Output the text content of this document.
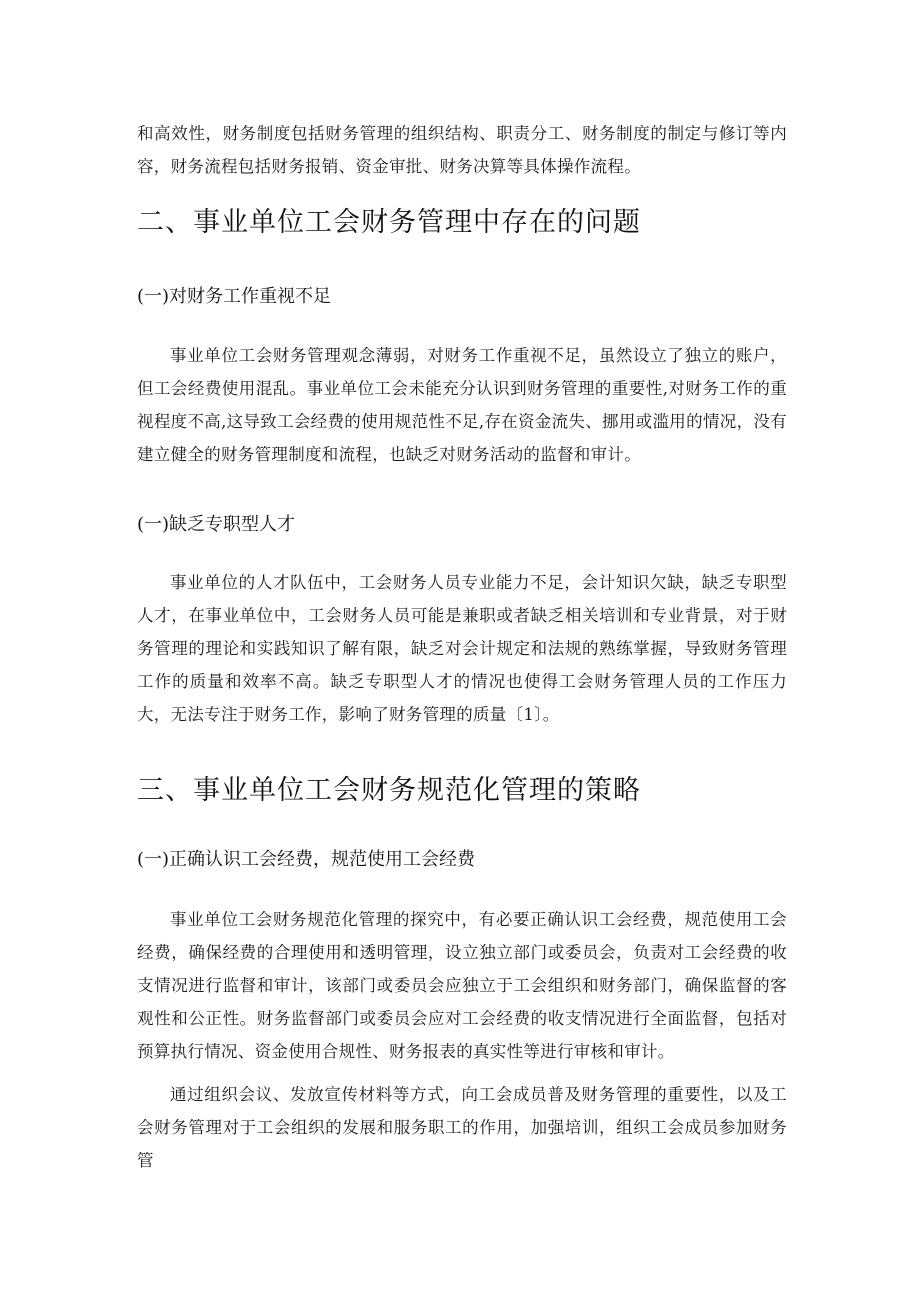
和高效性，财务制度包括财务管理的组织结构、职责分工、财务制度的制定与修订等内容，财务流程包括财务报销、资金审批、财务决算等具体操作流程。

二、事业单位工会财务管理中存在的问题
(一)对财务工作重视不足

事业单位工会财务管理观念薄弱，对财务工作重视不足，虽然设立了独立的账户，但工会经费使用混乱。事业单位工会未能充分认识到财务管理的重要性,对财务工作的重视程度不高,这导致工会经费的使用规范性不足,存在资金流失、挪用或滥用的情况，没有建立健全的财务管理制度和流程，也缺乏对财务活动的监督和审计。

(一)缺乏专职型人才

事业单位的人才队伍中，工会财务人员专业能力不足，会计知识欠缺，缺乏专职型人才，在事业单位中，工会财务人员可能是兼职或者缺乏相关培训和专业背景，对于财务管理的理论和实践知识了解有限，缺乏对会计规定和法规的熟练掌握，导致财务管理工作的质量和效率不高。缺乏专职型人才的情况也使得工会财务管理人员的工作压力大，无法专注于财务工作，影响了财务管理的质量〔1〕。

三、事业单位工会财务规范化管理的策略
(一)正确认识工会经费，规范使用工会经费

事业单位工会财务规范化管理的探究中，有必要正确认识工会经费，规范使用工会经费，确保经费的合理使用和透明管理，设立独立部门或委员会，负责对工会经费的收支情况进行监督和审计，该部门或委员会应独立于工会组织和财务部门，确保监督的客观性和公正性。财务监督部门或委员会应对工会经费的收支情况进行全面监督，包括对预算执行情况、资金使用合规性、财务报表的真实性等进行审核和审计。

通过组织会议、发放宣传材料等方式，向工会成员普及财务管理的重要性，以及工会财务管理对于工会组织的发展和服务职工的作用，加强培训，组织工会成员参加财务管
